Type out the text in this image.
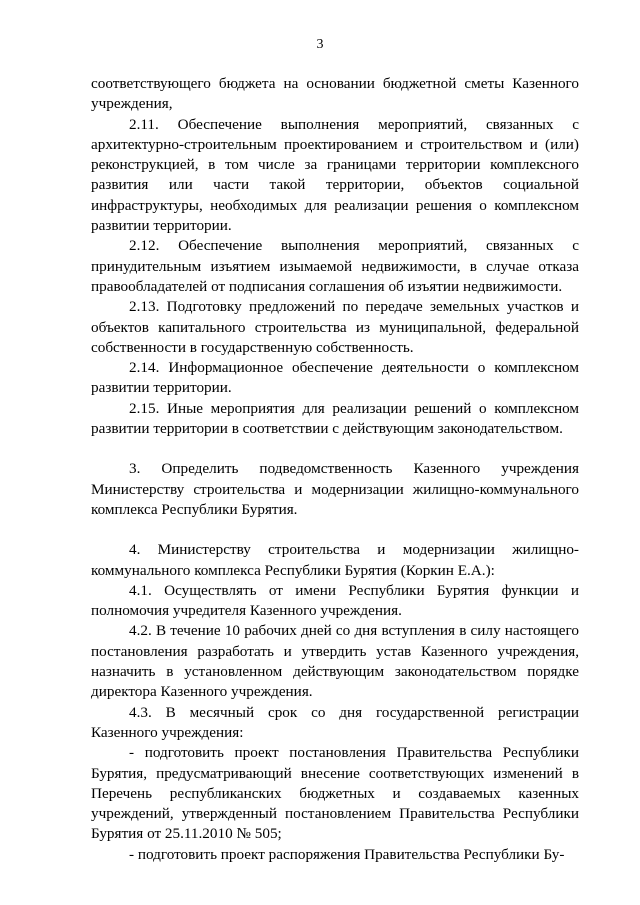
3

соответствующего бюджета на основании бюджетной сметы Казенного учреждения,

2.11. Обеспечение выполнения мероприятий, связанных с архитектурно-строительным проектированием и строительством и (или) реконструкцией, в том числе за границами территории комплексного развития или части такой территории, объектов социальной инфраструктуры, необходимых для реализации решения о комплексном развитии территории.

2.12. Обеспечение выполнения мероприятий, связанных с принудительным изъятием изымаемой недвижимости, в случае отказа правообладателей от подписания соглашения об изъятии недвижимости.

2.13. Подготовку предложений по передаче земельных участков и объектов капитального строительства из муниципальной, федеральной собственности в государственную собственность.

2.14. Информационное обеспечение деятельности о комплексном развитии территории.

2.15. Иные мероприятия для реализации решений о комплексном развитии территории в соответствии с действующим законодательством.

3. Определить подведомственность Казенного учреждения Министерству строительства и модернизации жилищно-коммунального комплекса Республики Бурятия.

4. Министерству строительства и модернизации жилищно-коммунального комплекса Республики Бурятия (Коркин Е.А.):

4.1. Осуществлять от имени Республики Бурятия функции и полномочия учредителя Казенного учреждения.

4.2. В течение 10 рабочих дней со дня вступления в силу настоящего постановления разработать и утвердить устав Казенного учреждения, назначить в установленном действующим законодательством порядке директора Казенного учреждения.

4.3. В месячный срок со дня государственной регистрации Казенного учреждения:

- подготовить проект постановления Правительства Республики Бурятия, предусматривающий внесение соответствующих изменений в Перечень республиканских бюджетных и создаваемых казенных учреждений, утвержденный постановлением Правительства Республики Бурятия от 25.11.2010 № 505;

- подготовить проект распоряжения Правительства Республики Бу-
